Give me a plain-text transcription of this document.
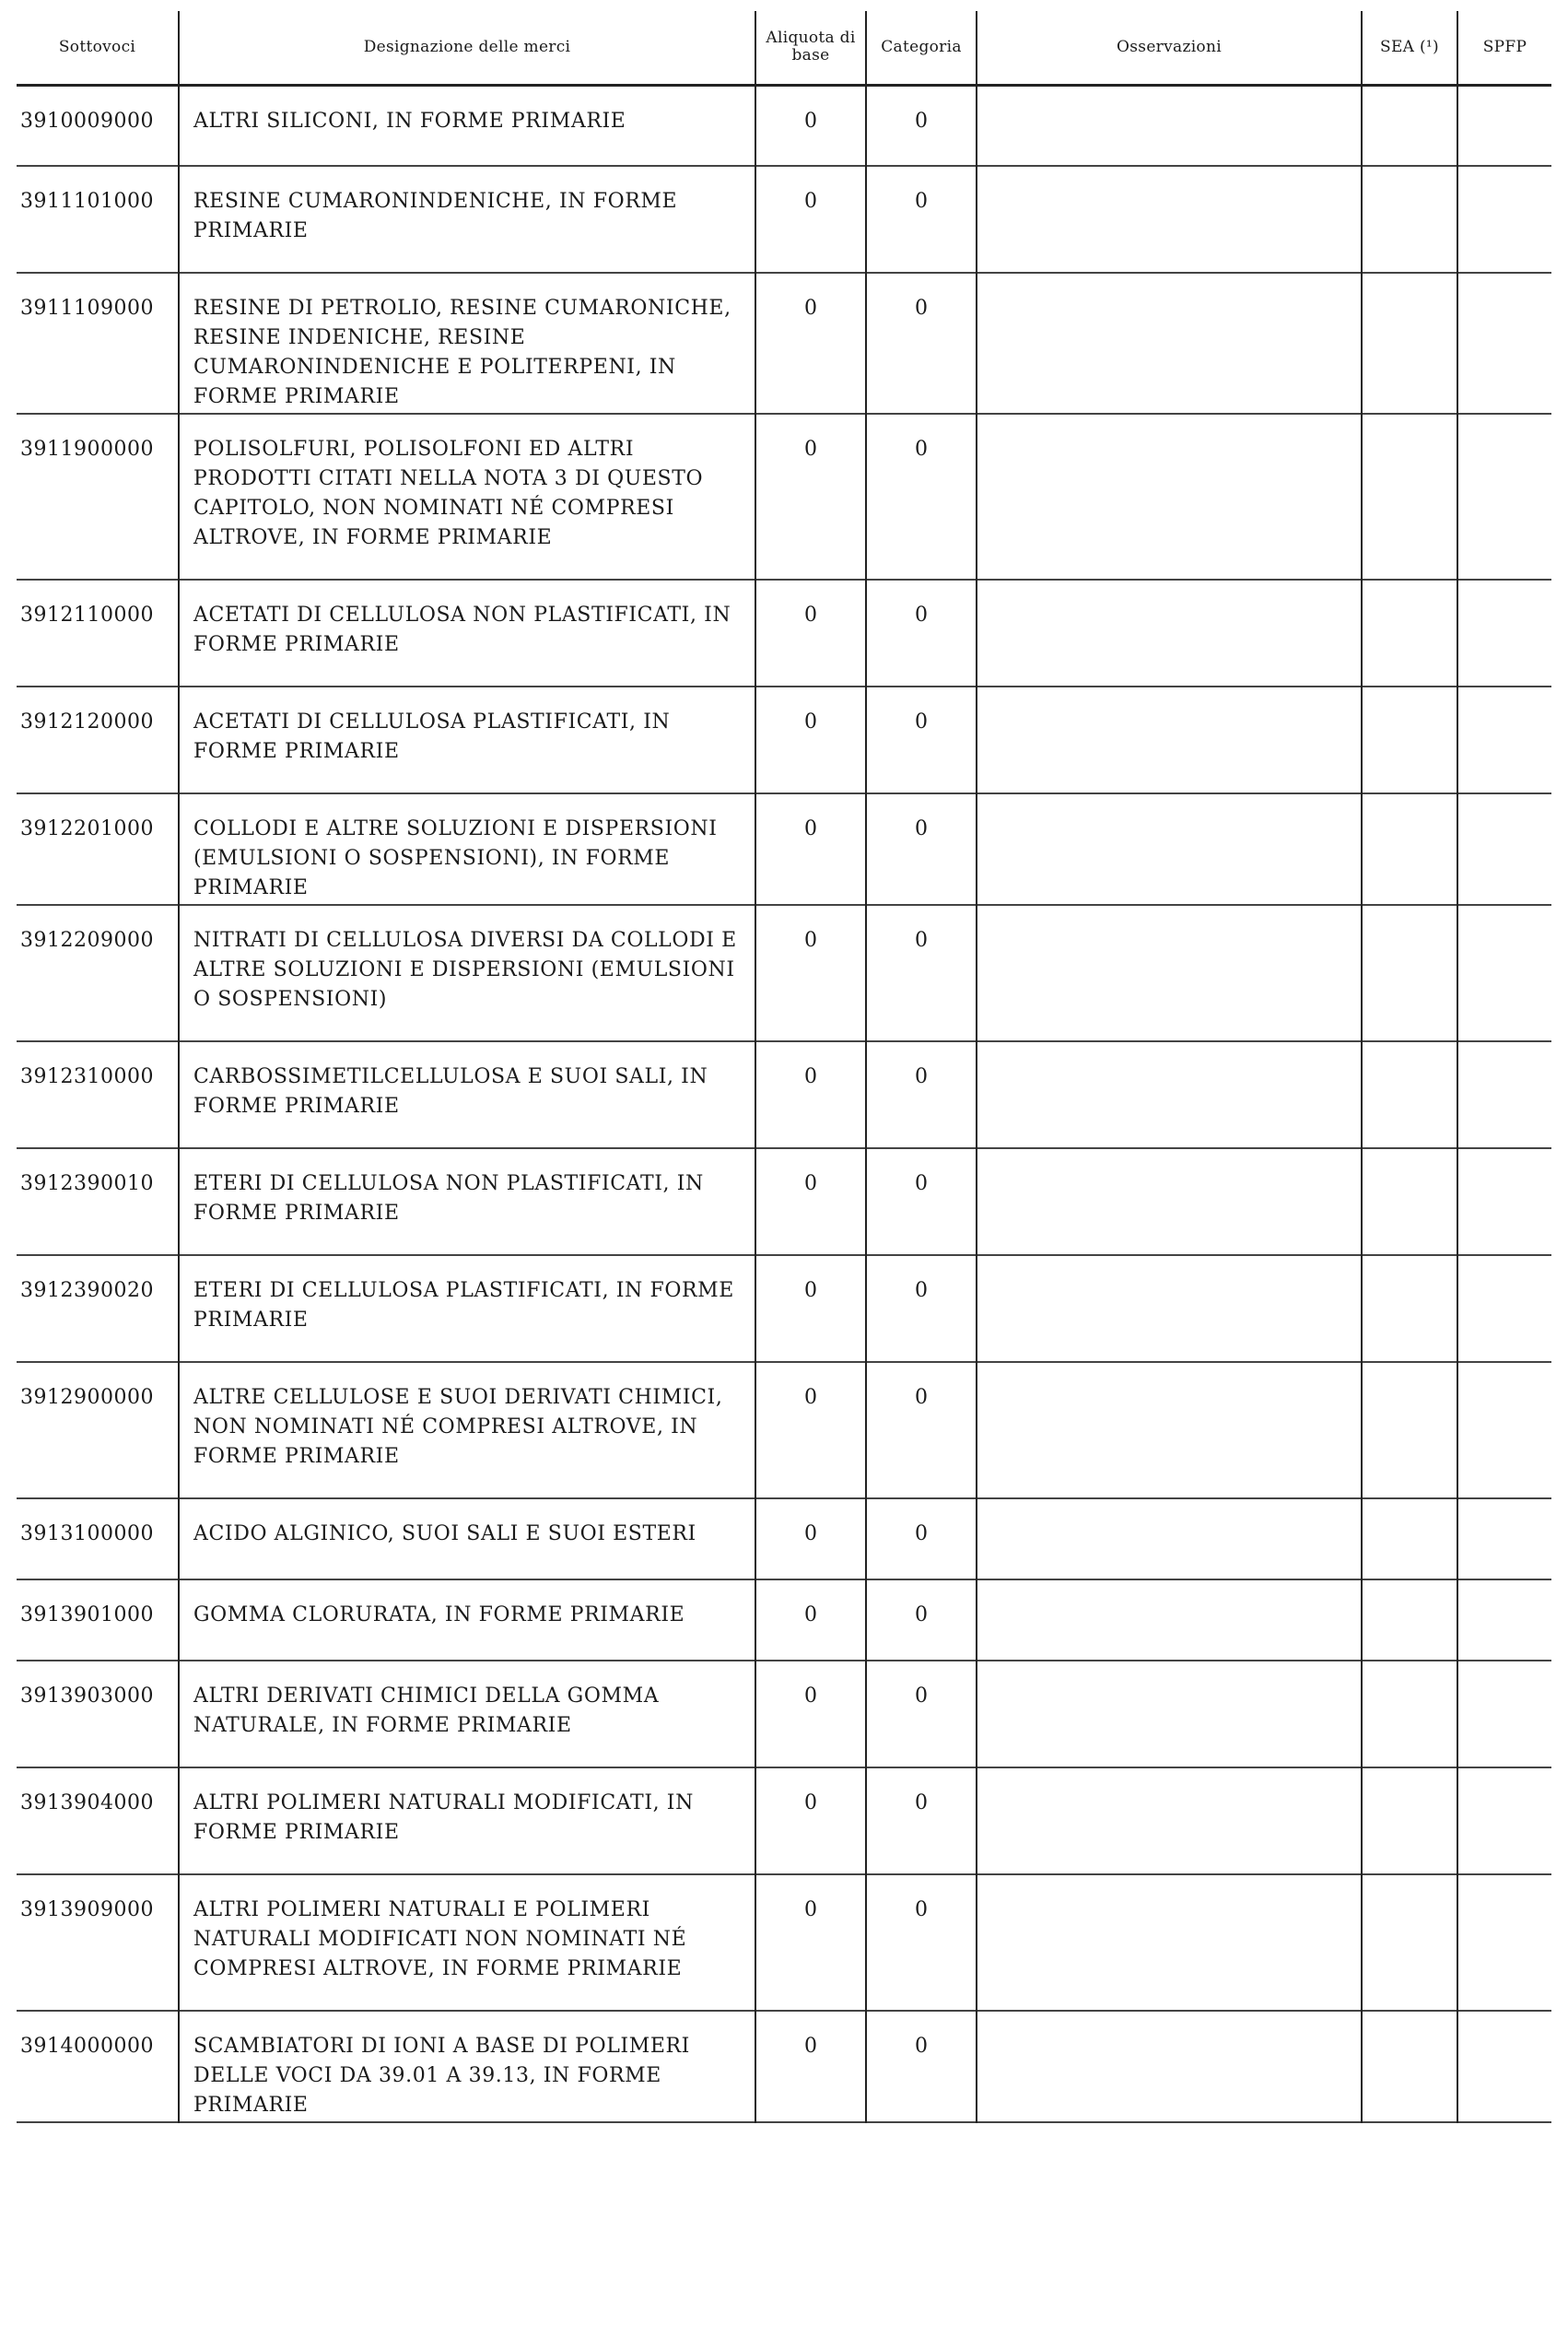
Sottovoci	Designazione delle merci	Aliquota di base	Categoria	Osservazioni	SEA (¹)	SPFP
3910009000	ALTRI SILICONI, IN FORME PRIMARIE	0	0			
3911101000	RESINE CUMARONINDENICHE, IN FORME PRIMARIE	0	0			
3911109000	RESINE DI PETROLIO, RESINE CUMARONICHE, RESINE INDENICHE, RESINE CUMARONINDENICHE E POLITERPENI, IN FORME PRIMARIE	0	0			
3911900000	POLISOLFURI, POLISOLFONI ED ALTRI PRODOTTI CITATI NELLA NOTA 3 DI QUESTO CAPITOLO, NON NOMINATI NÉ COMPRESI ALTROVE, IN FORME PRIMARIE	0	0			
3912110000	ACETATI DI CELLULOSA NON PLASTIFICATI, IN FORME PRIMARIE	0	0			
3912120000	ACETATI DI CELLULOSA PLASTIFICATI, IN FORME PRIMARIE	0	0			
3912201000	COLLODI E ALTRE SOLUZIONI E DISPERSIONI (EMULSIONI O SOSPENSIONI), IN FORME PRIMARIE	0	0			
3912209000	NITRATI DI CELLULOSA DIVERSI DA COLLODI E ALTRE SOLUZIONI E DISPERSIONI (EMULSIONI O SOSPENSIONI)	0	0			
3912310000	CARBOSSIMETILCELLULOSA E SUOI SALI, IN FORME PRIMARIE	0	0			
3912390010	ETERI DI CELLULOSA NON PLASTIFICATI, IN FORME PRIMARIE	0	0			
3912390020	ETERI DI CELLULOSA PLASTIFICATI, IN FORME PRIMARIE	0	0			
3912900000	ALTRE CELLULOSE E SUOI DERIVATI CHIMICI, NON NOMINATI NÉ COMPRESI ALTROVE, IN FORME PRIMARIE	0	0			
3913100000	ACIDO ALGINICO, SUOI SALI E SUOI ESTERI	0	0			
3913901000	GOMMA CLORURATA, IN FORME PRIMARIE	0	0			
3913903000	ALTRI DERIVATI CHIMICI DELLA GOMMA NATURALE, IN FORME PRIMARIE	0	0			
3913904000	ALTRI POLIMERI NATURALI MODIFICATI, IN FORME PRIMARIE	0	0			
3913909000	ALTRI POLIMERI NATURALI E POLIMERI NATURALI MODIFICATI NON NOMINATI NÉ COMPRESI ALTROVE, IN FORME PRIMARIE	0	0			
3914000000	SCAMBIATORI DI IONI A BASE DI POLIMERI DELLE VOCI DA 39.01 A 39.13, IN FORME PRIMARIE	0	0			
